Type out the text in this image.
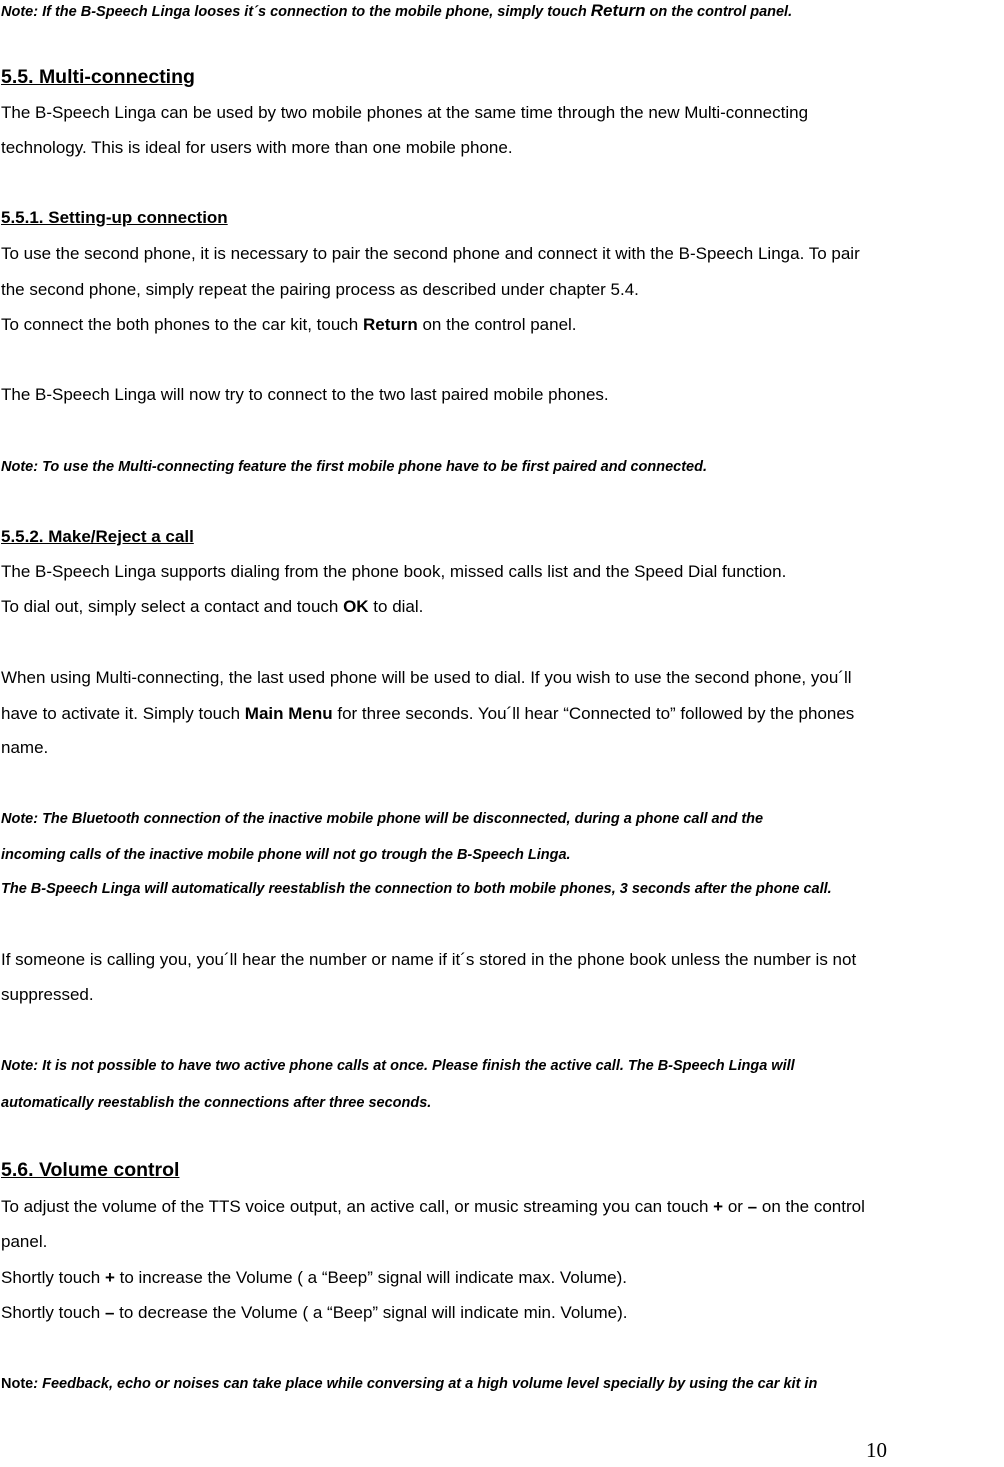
Note: If the B-Speech Linga looses it´s connection to the mobile phone, simply touch Return on the control panel.
5.5. Multi-connecting
The B-Speech Linga can be used by two mobile phones at the same time through the new Multi-connecting
technology. This is ideal for users with more than one mobile phone.
5.5.1. Setting-up connection
To use the second phone, it is necessary to pair the second phone and connect it with the B-Speech Linga. To pair
the second phone, simply repeat the pairing process as described under chapter 5.4.
To connect the both phones to the car kit, touch Return on the control panel.
The B-Speech Linga will now try to connect to the two last paired mobile phones.
Note: To use the Multi-connecting feature the first mobile phone have to be first paired and connected.
5.5.2. Make/Reject a call
The B-Speech Linga supports dialing from the phone book, missed calls list and the Speed Dial function.
To dial out, simply select a contact and touch OK to dial.
When using Multi-connecting, the last used phone will be used to dial. If you wish to use the second phone, you´ll
have to activate it. Simply touch Main Menu for three seconds. You´ll hear “Connected to” followed by the phones
name.
Note: The Bluetooth connection of the inactive mobile phone will be disconnected, during a phone call and the
incoming calls of the inactive mobile phone will not go trough the B-Speech Linga.
The B-Speech Linga will automatically reestablish the connection to both mobile phones, 3 seconds after the phone call.
If someone is calling you, you´ll hear the number or name if it´s stored in the phone book unless the number is not
suppressed.
Note: It is not possible to have two active phone calls at once. Please finish the active call. The B-Speech Linga will
automatically reestablish the connections after three seconds.
5.6. Volume control
To adjust the volume of the TTS voice output, an active call, or music streaming you can touch + or – on the control
panel.
Shortly touch + to increase the Volume ( a “Beep” signal will indicate max. Volume).
Shortly touch – to decrease the Volume ( a “Beep” signal will indicate min. Volume).
Note: Feedback, echo or noises can take place while conversing at a high volume level specially by using the car kit in
10
